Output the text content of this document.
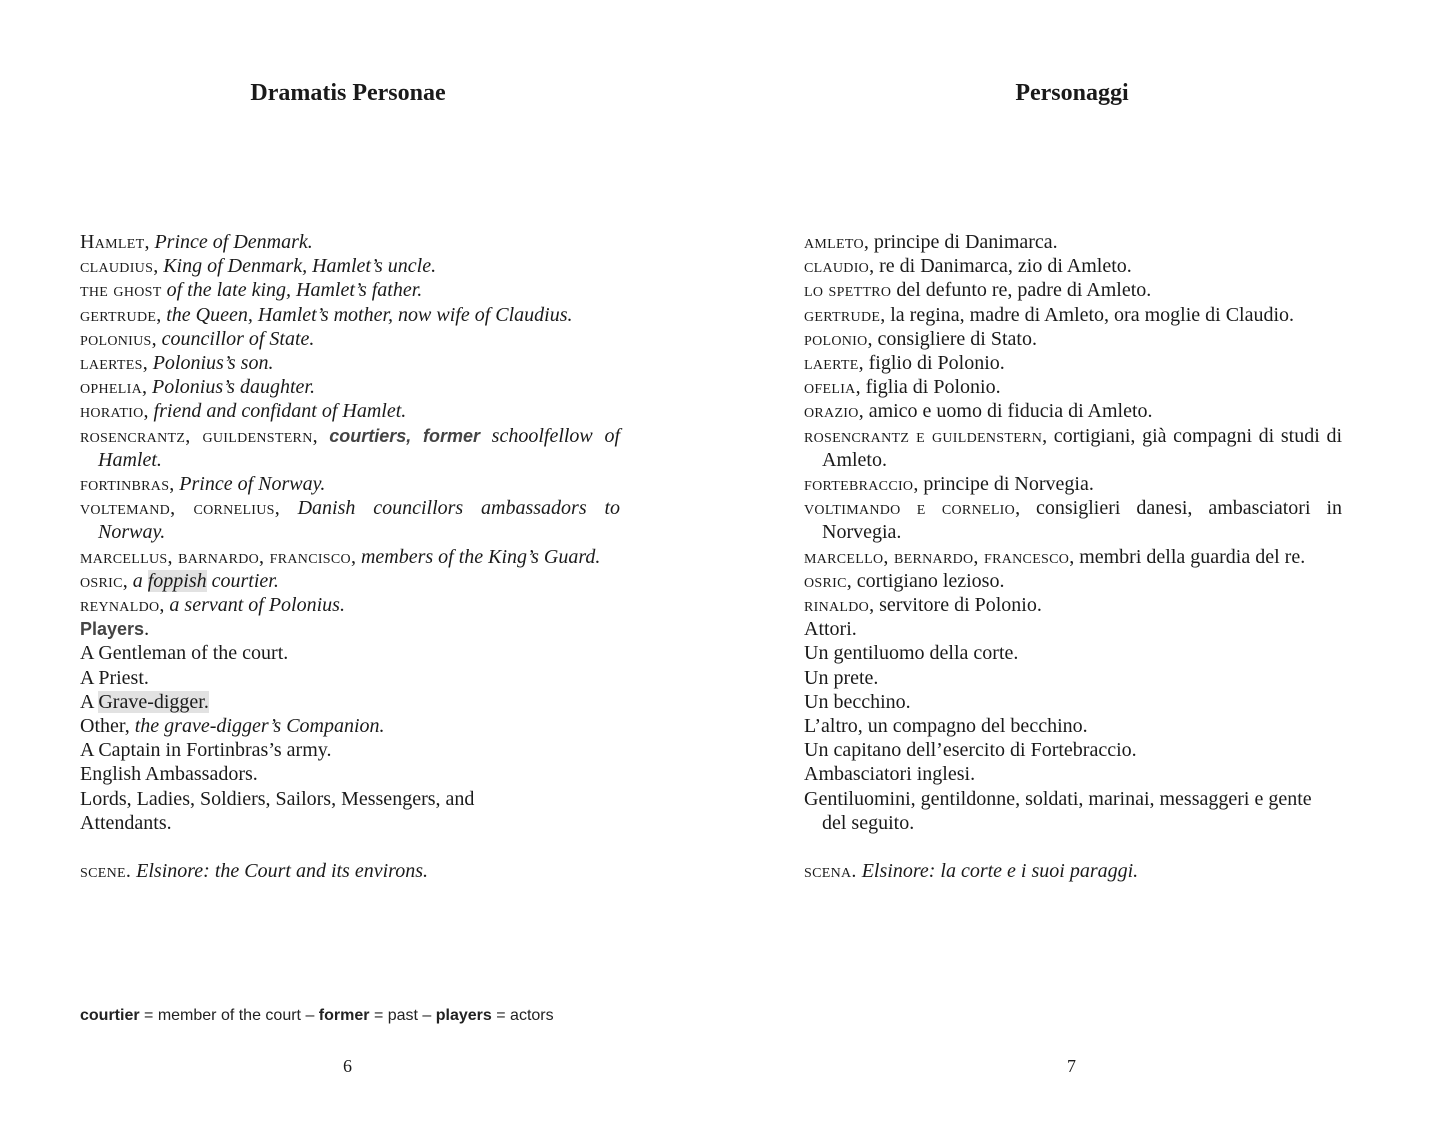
Dramatis Personae

Hamlet, Prince of Denmark.

claudius, King of Denmark, Hamlet’s uncle.

the ghost of the late king, Hamlet’s father.

gertrude, the Queen, Hamlet’s mother, now wife of Claudius.

polonius, councillor of State.

laertes, Polonius’s son.

ophelia, Polonius’s daughter.

horatio, friend and confidant of Hamlet.

rosencrantz, guildenstern, courtiers, former schoolfellow of Hamlet.

fortinbras, Prince of Norway.

voltemand, cornelius, Danish councillors ambassadors to Norway.

marcellus, barnardo, francisco, members of the King’s Guard.

osric, a foppish courtier.

reynaldo, a servant of Polonius.

Players.

A Gentleman of the court.

A Priest.

A Grave-digger.

Other, the grave-digger’s Companion.

A Captain in Fortinbras’s army.

English Ambassadors.

Lords, Ladies, Soldiers, Sailors, Messengers, and Attendants.

scene. Elsinore: the Court and its environs.

courtier = member of the court – former = past – players = actors
6
Personaggi

amleto, principe di Danimarca.

claudio, re di Danimarca, zio di Amleto.

lo spettro del defunto re, padre di Amleto.

gertrude, la regina, madre di Amleto, ora moglie di Claudio.

polonio, consigliere di Stato.

laerte, figlio di Polonio.

ofelia, figlia di Polonio.

orazio, amico e uomo di fiducia di Amleto.

rosencrantz e guildenstern, cortigiani, già compagni di studi di Amleto.

fortebraccio, principe di Norvegia.

voltimando e cornelio, consiglieri danesi, ambasciatori in Norvegia.

marcello, bernardo, francesco, membri della guardia del re.

osric, cortigiano lezioso.

rinaldo, servitore di Polonio.

Attori.

Un gentiluomo della corte.

Un prete.

Un becchino.

L’altro, un compagno del becchino.

Un capitano dell’esercito di Fortebraccio.

Ambasciatori inglesi.

Gentiluomini, gentildonne, soldati, marinai, messaggeri e gente del seguito.

scena. Elsinore: la corte e i suoi paraggi.

7
